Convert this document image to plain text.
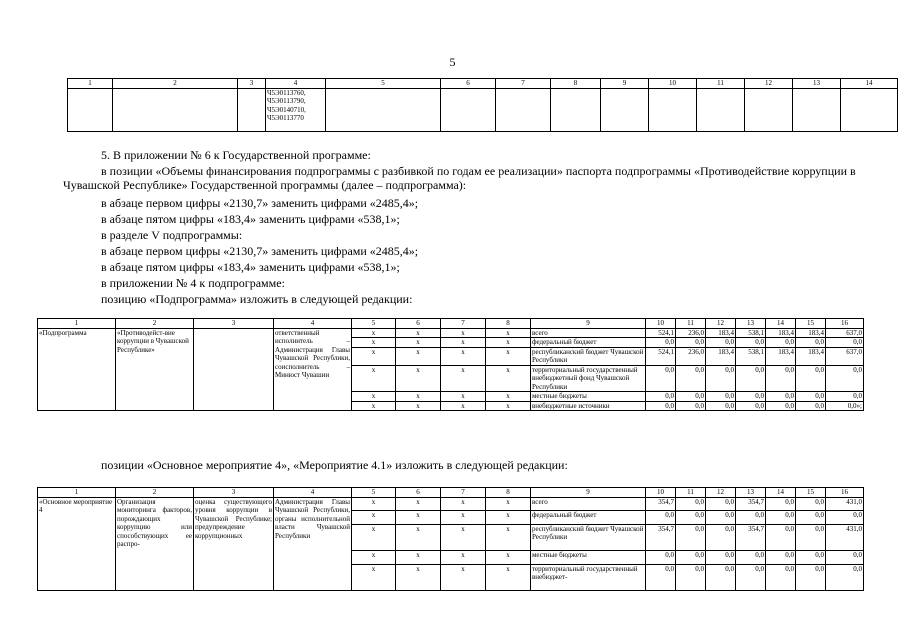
5
1	2	3	4	5	6	7	8	9	10	11	12	13	14

			Ч5Э0113760,
Ч5Э0113790,
Ч5Э0140710,
Ч5Э0113770										

5. В приложении № 6 к Государственной программе:

в позиции «Объемы финансирования подпрограммы с разбивкой по годам ее реализации» паспорта подпрограммы «Противодействие коррупции в Чувашской Республике» Государственной программы (далее – подпрограмма):

в абзаце первом цифры «2130,7» заменить цифрами «2485,4»;

в абзаце пятом цифры «183,4» заменить цифрами «538,1»;

в разделе V подпрограммы:

в абзаце первом цифры «2130,7» заменить цифрами «2485,4»;

в абзаце пятом цифры «183,4» заменить цифрами «538,1»;

в приложении № 4 к подпрограмме:

позицию «Подпрограмма» изложить в следующей редакции:

1	2	3	4	5	6	7	8	9	10	11	12	13	14	15	16
«Подпрограмма	«Противодейст-вие коррупции в Чувашской Республике»		ответственный исполнитель – Администрация Главы Чувашской Республики, соисполнитель – Минюст Чувашии	x	x	x	x	всего	524,1	236,0	183,4	538,1	183,4	183,4	637,0
				x	x	x	x	федеральный бюджет	0,0	0,0	0,0	0,0	0,0	0,0	0,0
				x	x	x	x	республиканский бюджет Чувашской Республики	524,1	236,0	183,4	538,1	183,4	183,4	637,0
				x	x	x	x	территориальный государственный внебюджетный фонд Чувашской Республики	0,0	0,0	0,0	0,0	0,0	0,0	0,0
				x	x	x	x	местные бюджеты	0,0	0,0	0,0	0,0	0,0	0,0	0,0
				x	x	x	x	внебюджетные источники	0,0	0,0	0,0	0,0	0,0	0,0	0,0»;

позиции «Основное мероприятие 4», «Мероприятие 4.1» изложить в следующей редакции:

1	2	3	4	5	6	7	8	9	10	11	12	13	14	15	16

«Основное мероприятие 4	Организация мониторинга факторов, порождающих коррупцию или способствующих ее распро-	оценка существующего уровня коррупции в Чувашской Республике; предупреждение коррупционных	Администрация Главы Чувашской Республики, органы исполнительной власти Чувашской Республики	x	x	x	x	всего	354,7	0,0	0,0	354,7	0,0	0,0	431,0
				x	x	x	x	федеральный бюджет	0,0	0,0	0,0	0,0	0,0	0,0	0,0
				x	x	x	x	республиканский бюджет Чувашской Республики	354,7	0,0	0,0	354,7	0,0	0,0	431,0
				x	x	x	x	местные бюджеты	0,0	0,0	0,0	0,0	0,0	0,0	0,0
				x	x	x	x	территориальный государственный внебюджет-	0,0	0,0	0,0	0,0	0,0	0,0	0,0
